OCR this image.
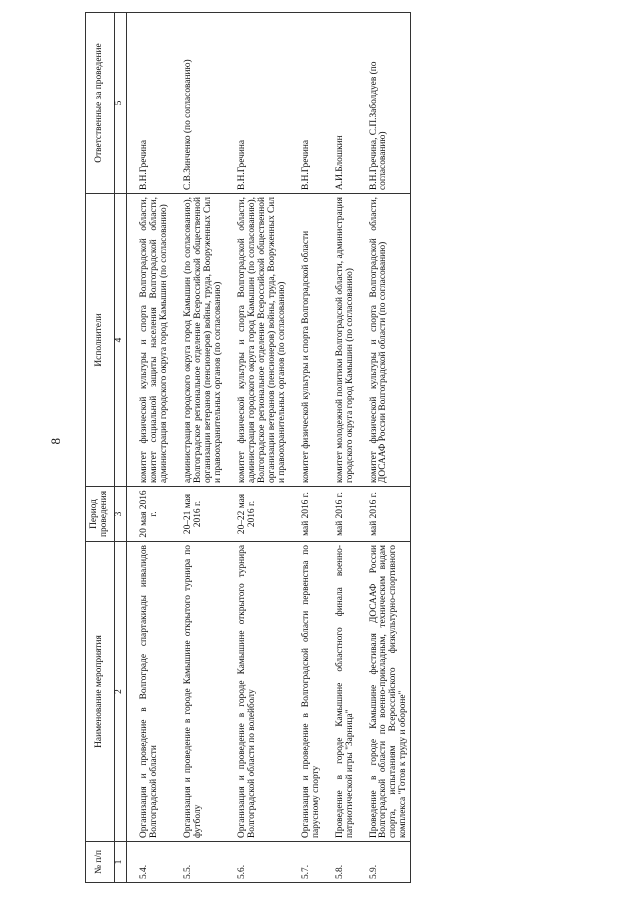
8
№ п/п	Наименование мероприятия	Период проведения	Исполнители	Ответственные за проведение
1	2	3	4	5

5.4.	Организация и проведение в Волгограде спартакиады инвалидов Волгоградской области	20 мая 2016 г.	комитет физической культуры и спорта Волгоградской области, комитет социальной защиты населения Волгоградской области, администрация городского округа город Камышин (по согласованию)	В.Н.Гречина

5.5.	Организация и проведение в городе Камышине открытого турнира по футболу	20–21 мая 2016 г.	администрация городского округа город Камышин (по согласованию), Волгоградское региональное отделение Всероссийской общественной организации ветеранов (пенсионеров) войны, труда, Вооруженных Сил и правоохранительных органов (по согласованию)	С.В.Зинченко (по согласованию)

5.6.	Организация и проведение в городе Камышине открытого турнира Волгоградской области по волейболу	20–22 мая 2016 г.	комитет физической культуры и спорта Волгоградской области, администрация городского округа город Камышин (по согласованию), Волгоградское региональное отделение Всероссийской общественной организации ветеранов (пенсионеров) войны, труда, Вооруженных Сил и правоохранительных органов (по согласованию)	В.Н.Гречина

5.7.	Организация и проведение в Волгоградской области первенства по парусному спорту	май 2016 г.	комитет физической культуры и спорта Волгоградской области	В.Н.Гречина

5.8.	Проведение в городе Камышине областного финала военно-патриотической игры "Зарница"	май 2016 г.	комитет молодежной политики Волгоградской области, администрация городского округа город Камышин (по согласованию)	А.И.Блошкин

5.9.	Проведение в городе Камышине фестиваля ДОСААФ России Волгоградской области по военно-прикладным, техническим видам спорта, испытаниям Всероссийского физкультурно-спортивного комплекса "Готов к труду и обороне"	май 2016 г.	комитет физической культуры и спорта Волгоградской области, ДОСААФ России Волгоградской области (по согласованию)	В.Н.Гречина, С.П.Заболдуев (по согласованию)
